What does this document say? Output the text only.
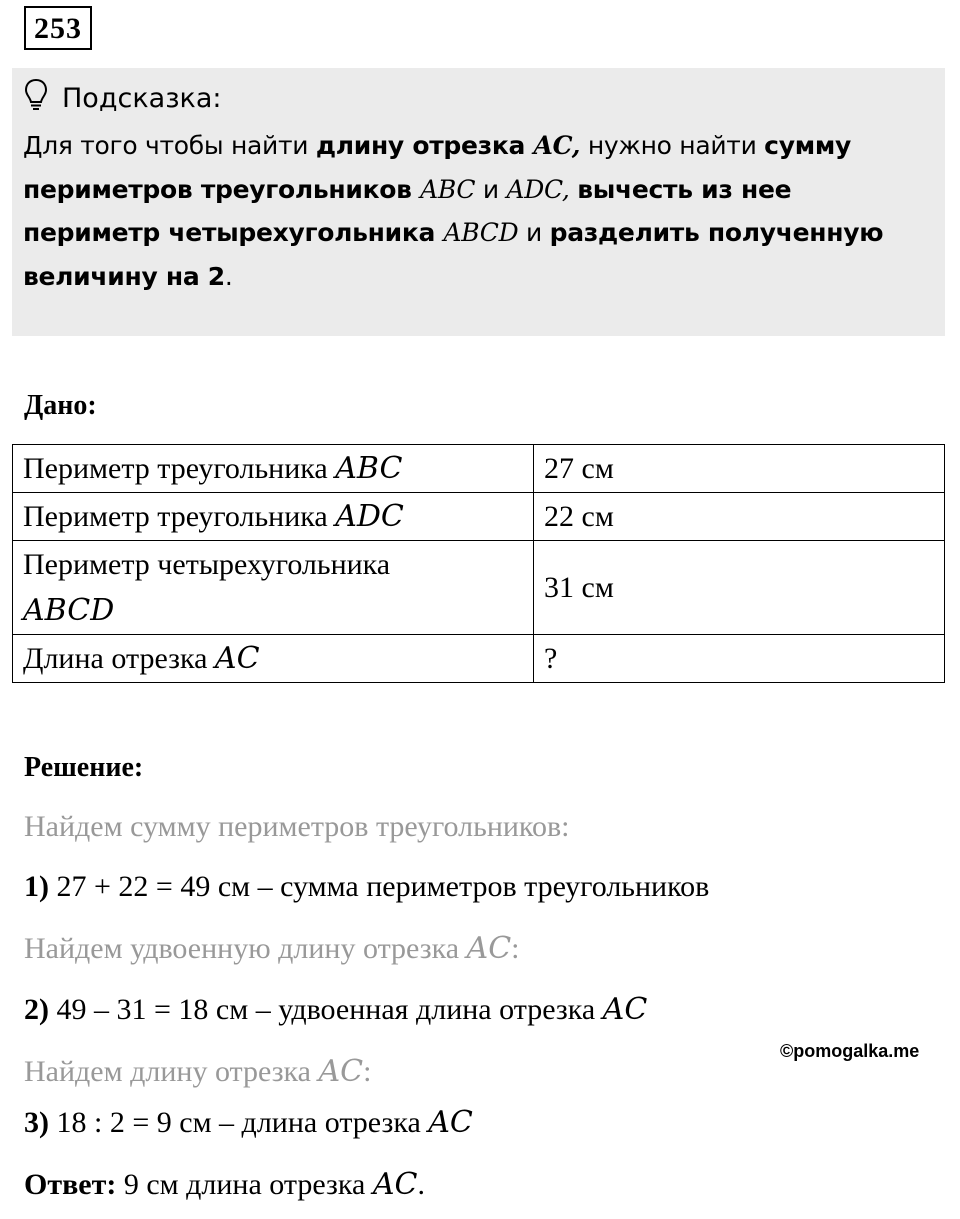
253
Подсказка:
Для того чтобы найти длину отрезка AC, нужно найти сумму периметров треугольников ABC и ADC, вычесть из нее периметр четырехугольника ABCD и разделить полученную величину на 2.
Дано:
Периметр треугольника ABC	27 см
Периметр треугольника ADC	22 см
Периметр четырехугольника
ABCD	31 см
Длина отрезка AC	?
Решение:
Найдем сумму периметров треугольников:
1) 27 + 22 = 49 см – сумма периметров треугольников
Найдем удвоенную длину отрезка AC:
2) 49 – 31 = 18 см – удвоенная длина отрезка AC
Найдем длину отрезка AC:
3) 18 : 2 = 9 см – длина отрезка AC
Ответ: 9 см длина отрезка AC.
©pomogalka.me
